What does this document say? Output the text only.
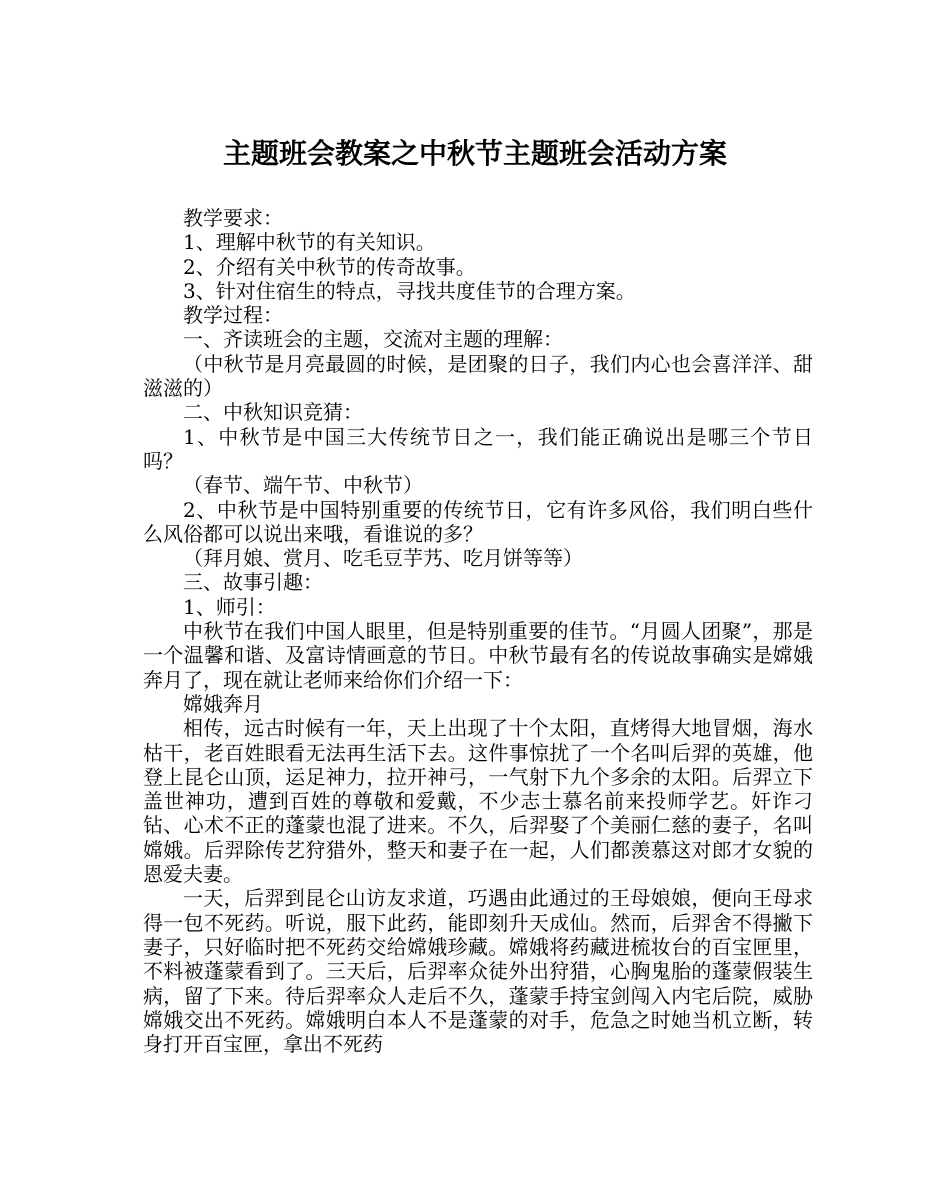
主题班会教案之中秋节主题班会活动方案

教学要求：

1、理解中秋节的有关知识。

2、介绍有关中秋节的传奇故事。

3、针对住宿生的特点，寻找共度佳节的合理方案。

教学过程：

一、齐读班会的主题，交流对主题的理解：

（中秋节是月亮最圆的时候，是团聚的日子，我们内心也会喜洋洋、甜滋滋的）

二、中秋知识竞猜：

1、中秋节是中国三大传统节日之一，我们能正确说出是哪三个节日吗？

（春节、端午节、中秋节）

2、中秋节是中国特别重要的传统节日，它有许多风俗，我们明白些什么风俗都可以说出来哦，看谁说的多？

（拜月娘、赏月、吃毛豆芋艿、吃月饼等等）

三、故事引趣：

1、师引：

中秋节在我们中国人眼里，但是特别重要的佳节。“月圆人团聚”，那是一个温馨和谐、及富诗情画意的节日。中秋节最有名的传说故事确实是嫦娥奔月了，现在就让老师来给你们介绍一下：

嫦娥奔月

相传，远古时候有一年，天上出现了十个太阳，直烤得大地冒烟，海水枯干，老百姓眼看无法再生活下去。这件事惊扰了一个名叫后羿的英雄，他登上昆仑山顶，运足神力，拉开神弓，一气射下九个多余的太阳。后羿立下盖世神功，遭到百姓的尊敬和爱戴，不少志士慕名前来投师学艺。奸诈刁钻、心术不正的蓬蒙也混了进来。不久，后羿娶了个美丽仁慈的妻子，名叫嫦娥。后羿除传艺狩猎外，整天和妻子在一起，人们都羡慕这对郎才女貌的恩爱夫妻。

一天，后羿到昆仑山访友求道，巧遇由此通过的王母娘娘，便向王母求得一包不死药。听说，服下此药，能即刻升天成仙。然而，后羿舍不得撇下妻子，只好临时把不死药交给嫦娥珍藏。嫦娥将药藏进梳妆台的百宝匣里，不料被蓬蒙看到了。三天后，后羿率众徒外出狩猎，心胸鬼胎的蓬蒙假装生病，留了下来。待后羿率众人走后不久，蓬蒙手持宝剑闯入内宅后院，威胁嫦娥交出不死药。嫦娥明白本人不是蓬蒙的对手，危急之时她当机立断，转身打开百宝匣，拿出不死药
